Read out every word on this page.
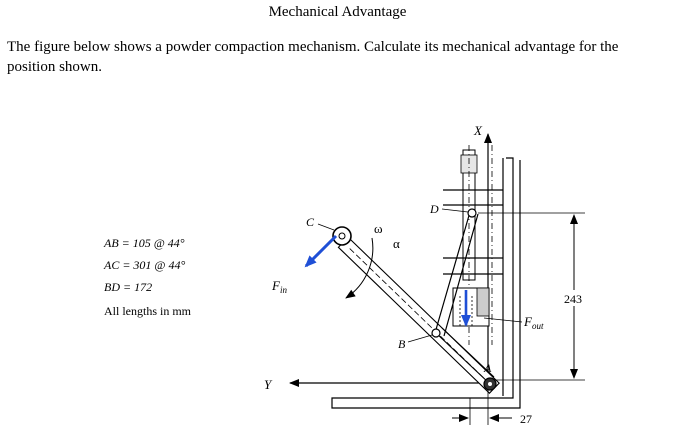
Mechanical Advantage

The figure below shows a powder compaction mechanism. Calculate its mechanical advantage for the position shown.

AB = 105 @ 44°
AC = 301 @ 44°
BD = 172
All lengths in mm
X
Y
C
D
B
A
ω
α
$F_{in}$
$F_{out}$
243
27
